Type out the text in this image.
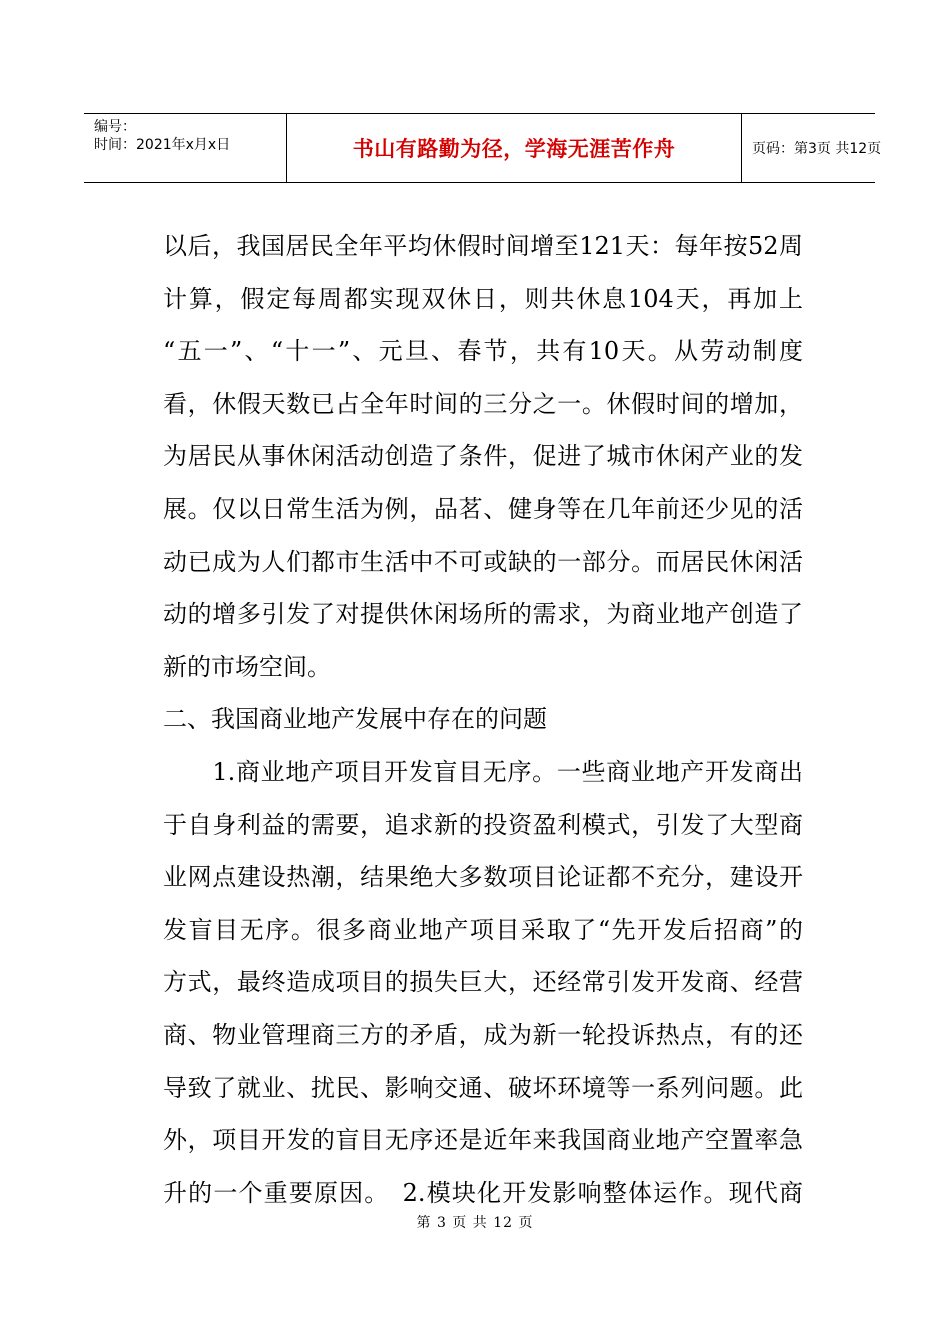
编号：
时间：2021年x月x日	书山有路勤为径，学海无涯苦作舟	页码：第3页 共12页
以后，我国居民全年平均休假时间增至121天：每年按52周
计算，假定每周都实现双休日，则共休息104天，再加上
“五一”、“十一”、元旦、春节，共有10天。从劳动制度
看，休假天数已占全年时间的三分之一。休假时间的增加，
为居民从事休闲活动创造了条件，促进了城市休闲产业的发
展。仅以日常生活为例，品茗、健身等在几年前还少见的活
动已成为人们都市生活中不可或缺的一部分。而居民休闲活
动的增多引发了对提供休闲场所的需求，为商业地产创造了
新的市场空间。
二、我国商业地产发展中存在的问题
　　1.商业地产项目开发盲目无序。一些商业地产开发商出
于自身利益的需要，追求新的投资盈利模式，引发了大型商
业网点建设热潮，结果绝大多数项目论证都不充分，建设开
发盲目无序。很多商业地产项目采取了“先开发后招商”的
方式，最终造成项目的损失巨大，还经常引发开发商、经营
商、物业管理商三方的矛盾，成为新一轮投诉热点，有的还
导致了就业、扰民、影响交通、破坏环境等一系列问题。此
外，项目开发的盲目无序还是近年来我国商业地产空置率急
升的一个重要原因。　2.模块化开发影响整体运作。现代商
第 3 页 共 12 页
